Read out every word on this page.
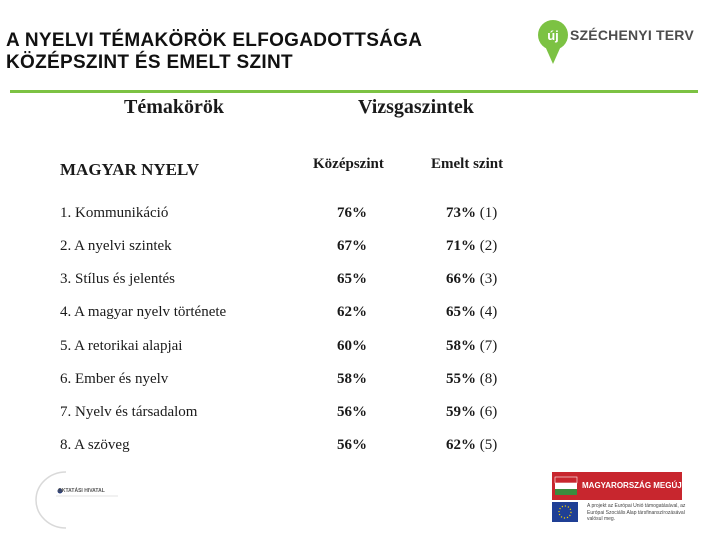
A NYELVI TÉMAKÖRÖK ELFOGADOTTSÁGA
KÖZÉPSZINT ÉS EMELT SZINT
új SZÉCHENYI TERV
Témakörök	Vizsgaszintek
MAGYAR NYELV	Középszint	Emelt szint
1. Kommunikáció	76%	73% (1)
2. A nyelvi szintek	67%	71% (2)
3. Stílus és jelentés	65%	66% (3)
4. A magyar nyelv története	62%	65% (4)
5. A retorikai alapjai	60%	58% (7)
6. Ember és nyelv	58%	55% (8)
7. Nyelv és társadalom	56%	59% (6)
8. A szöveg	56%	62% (5)
OKTATÁSI HIVATAL
MAGYARORSZÁG MEGÚJUL
A projekt az Európai Unió támogatásával, az Európai Szociális Alap társfinanszírozásával valósul meg.
